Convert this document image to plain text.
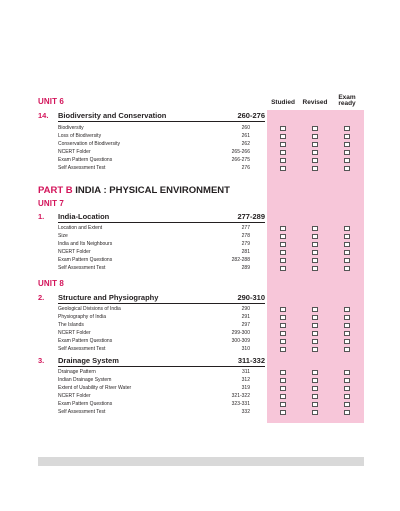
Studied	Revised
Exam
ready
UNIT 6
14. Biodiversity and Conservation	260-276
Biodiversity	260
Loss of Biodiversity	261
Conservation of Biodiversity	262
NCERT Folder	265-266
Exam Pattern Questions	266-275
Self Assessment Test	276
PART B INDIA : PHYSICAL ENVIRONMENT
UNIT 7
1. India-Location	277-289
Location and Extent	277
Size	278
India and Its Neighbours	279
NCERT Folder	281
Exam Pattern Questions	282-288
Self Assessment Test	289
UNIT 8
2. Structure and Physiography	290-310
Geological Divisions of India	290
Physiography of India	291
The Islands	297
NCERT Folder	299-300
Exam Pattern Questions	300-309
Self Assessment Test	310
3. Drainage System	311-332
Drainage Pattern	311
Indian Drainage System	312
Extent of Usability of River Water	319
NCERT Folder	321-322
Exam Pattern Questions	323-331
Self Assessment Test	332
